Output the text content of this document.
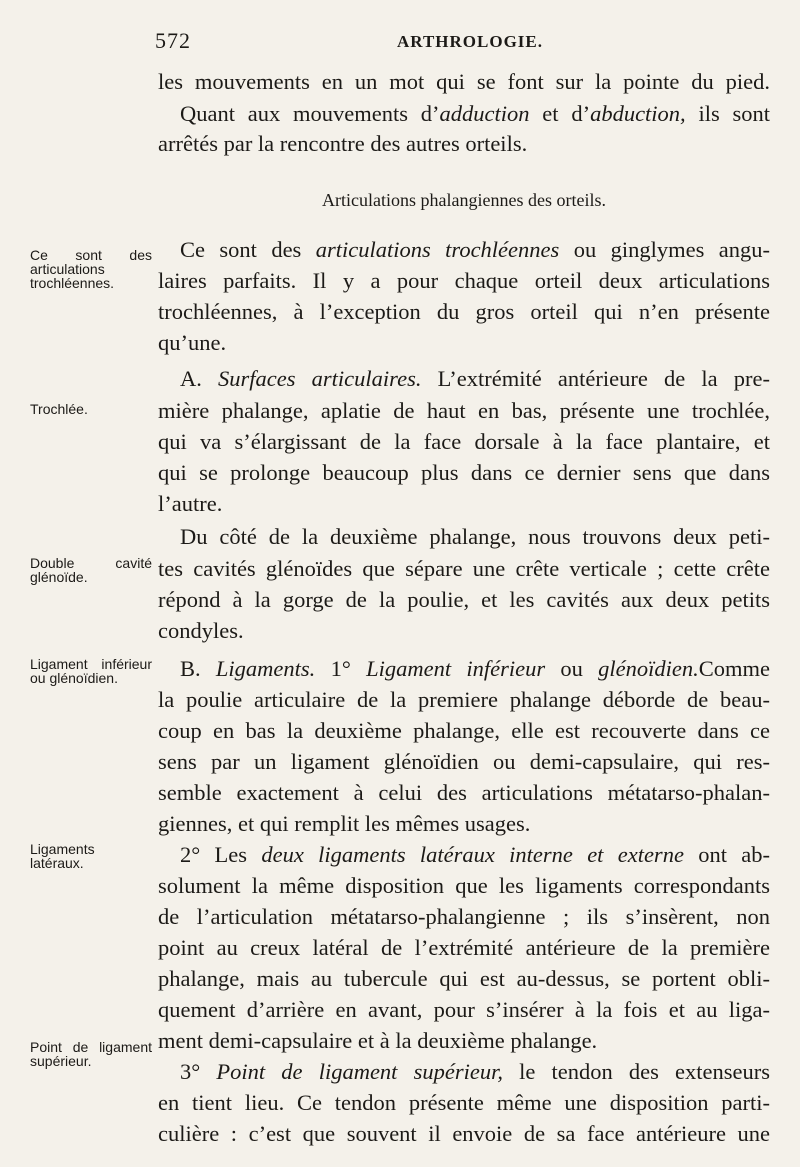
572	ARTHROLOGIE.
Ce sont des articulations trochléennes.
Trochlée.
Double cavité glénoïde.
Ligament inférieur ou glénoïdien.
Ligaments latéraux.
Point de ligament supérieur.
les mouvements en un mot qui se font sur la pointe du pied.
Quant aux mouvements d’adduction et d’abduction, ils sont
arrêtés par la rencontre des autres orteils.
Articulations phalangiennes des orteils.
Ce sont des articulations trochléennes ou ginglymes angu-
laires parfaits. Il y a pour chaque orteil deux articulations
trochléennes, à l’exception du gros orteil qui n’en présente
qu’une.
A. Surfaces articulaires. L’extrémité antérieure de la pre-
mière phalange, aplatie de haut en bas, présente une trochlée,
qui va s’élargissant de la face dorsale à la face plantaire, et
qui se prolonge beaucoup plus dans ce dernier sens que dans
l’autre.
Du côté de la deuxième phalange, nous trouvons deux peti-
tes cavités glénoïdes que sépare une crête verticale ; cette crête
répond à la gorge de la poulie, et les cavités aux deux petits
condyles.
B. Ligaments. 1° Ligament inférieur ou glénoïdien.Comme
la poulie articulaire de la premiere phalange déborde de beau-
coup en bas la deuxième phalange, elle est recouverte dans ce
sens par un ligament glénoïdien ou demi-capsulaire, qui res-
semble exactement à celui des articulations métatarso-phalan-
giennes, et qui remplit les mêmes usages.
2° Les deux ligaments latéraux interne et externe ont ab-
solument la même disposition que les ligaments correspondants
de l’articulation métatarso-phalangienne ; ils s’insèrent, non
point au creux latéral de l’extrémité antérieure de la première
phalange, mais au tubercule qui est au-dessus, se portent obli-
quement d’arrière en avant, pour s’insérer à la fois et au liga-
ment demi-capsulaire et à la deuxième phalange.
3° Point de ligament supérieur, le tendon des extenseurs
en tient lieu. Ce tendon présente même une disposition parti-
culière : c’est que souvent il envoie de sa face antérieure une
